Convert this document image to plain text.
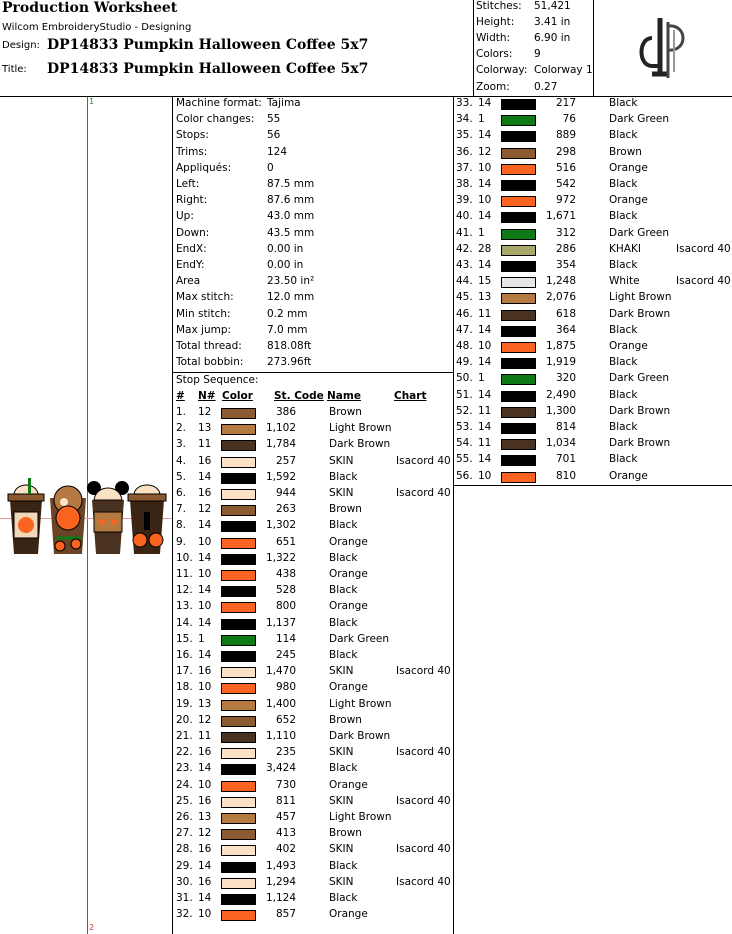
Production Worksheet
Wilcom EmbroideryStudio - Designing
Design: DP14833 Pumpkin Halloween Coffee 5x7
Title: DP14833 Pumpkin Halloween Coffee 5x7
Stitches: 51,421
Height: 3.41 in
Width: 6.90 in
Colors: 9
Colorway: Colorway 1
Zoom: 0.27
1
2
Stop Sequence:
# N# Color St. Code Name	Chart
Machine format: Tajima
Color changes: 55
Stops:	56
Trims:	124
Appliqués:	0
Left:	87.5 mm
Right:	87.6 mm
Up:	43.0 mm
Down:	43.5 mm
EndX:	0.00 in
EndY:	0.00 in
Area	23.50 in²
Max stitch:	12.0 mm
Min stitch:	0.2 mm
Max jump:	7.0 mm
Total thread: 818.08ft
Total bobbin: 273.96ft
1. 12	386	Brown
2. 13	1,102	Light Brown
3. 11	1,784	Dark Brown
4. 16	257	SKIN	Isacord 40
5. 14	1,592	Black
6. 16	944	SKIN	Isacord 40
7. 12	263	Brown
8. 14	1,302	Black
9. 10	651	Orange
10. 14	1,322	Black
11. 10	438	Orange
12. 14	528	Black
13. 10	800	Orange
14. 14	1,137	Black
15. 1	114	Dark Green
16. 14	245	Black
17. 16	1,470	SKIN	Isacord 40
18. 10	980	Orange
19. 13	1,400	Light Brown
20. 12	652	Brown
21. 11	1,110	Dark Brown
22. 16	235	SKIN	Isacord 40
23. 14	3,424	Black
24. 10	730	Orange
25. 16	811	SKIN	Isacord 40
26. 13	457	Light Brown
27. 12	413	Brown
28. 16	402	SKIN	Isacord 40
29. 14	1,493	Black
30. 16	1,294	SKIN	Isacord 40
31. 14	1,124	Black
32. 10	857	Orange
33. 14	217	Black
34. 1	76	Dark Green
35. 14	889	Black
36. 12	298	Brown
37. 10	516	Orange
38. 14	542	Black
39. 10	972	Orange
40. 14	1,671	Black
41. 1	312	Dark Green
42. 28	286	KHAKI	Isacord 40
43. 14	354	Black
44. 15	1,248	White	Isacord 40
45. 13	2,076	Light Brown
46. 11	618	Dark Brown
47. 14	364	Black
48. 10	1,875	Orange
49. 14	1,919	Black
50. 1	320	Dark Green
51. 14	2,490	Black
52. 11	1,300	Dark Brown
53. 14	814	Black
54. 11	1,034	Dark Brown
55. 14	701	Black
56. 10	810	Orange
